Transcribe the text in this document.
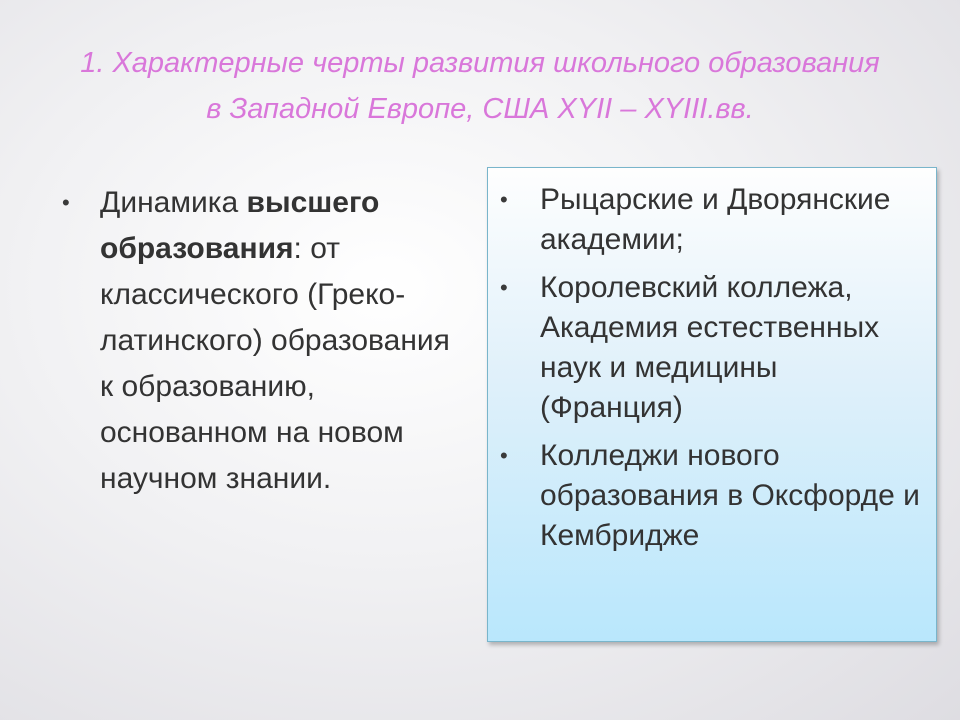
1. Характерные черты развития школьного образования
в Западной Европе, США XYII – XYIII.вв.
•	Динамика высшего образования: от классического (Греко-латинского) образования к образованию, основанном на новом научном знании.
•	Рыцарские и Дворянские академии;
•	Королевский коллежа, Академия естественных наук и медицины (Франция)
•	Колледжи нового образования в Оксфорде и Кембридже
